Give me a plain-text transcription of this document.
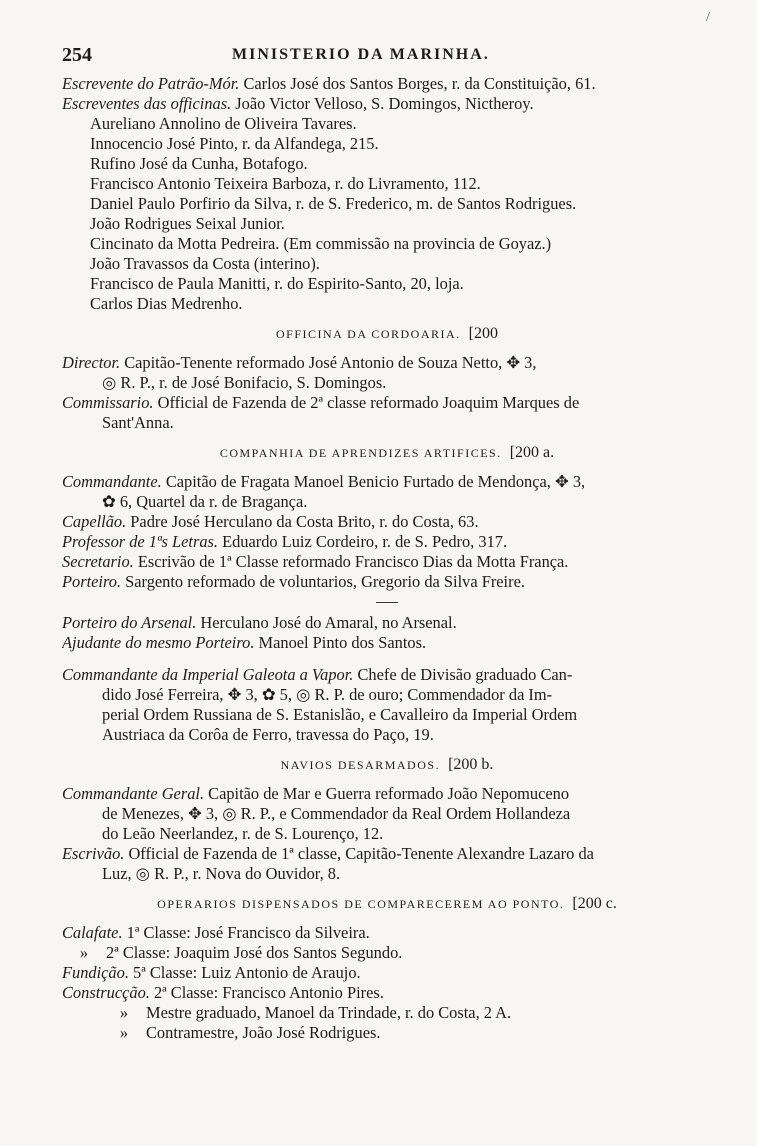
254	MINISTERIO DA MARINHA.
/
Escrevente do Patrão-Mór. Carlos José dos Santos Borges, r. da Constituição, 61.
Escreventes das officinas. João Victor Velloso, S. Domingos, Nictheroy.
Aureliano Annolino de Oliveira Tavares.
Innocencio José Pinto, r. da Alfandega, 215.
Rufino José da Cunha, Botafogo.
Francisco Antonio Teixeira Barboza, r. do Livramento, 112.
Daniel Paulo Porfirio da Silva, r. de S. Frederico, m. de Santos Rodrigues.
João Rodrigues Seixal Junior.
Cincinato da Motta Pedreira. (Em commissão na provincia de Goyaz.)
João Travassos da Costa (interino).
Francisco de Paula Manitti, r. do Espirito-Santo, 20, loja.
Carlos Dias Medrenho.
OFFICINA DA CORDOARIA. [200
Director. Capitão-Tenente reformado José Antonio de Souza Netto, ✥ 3,
◎ R. P., r. de José Bonifacio, S. Domingos.
Commissario. Official de Fazenda de 2ª classe reformado Joaquim Marques de
Sant'Anna.
COMPANHIA DE APRENDIZES ARTIFICES. [200 a.
Commandante. Capitão de Fragata Manoel Benicio Furtado de Mendonça, ✥ 3,
✿ 6, Quartel da r. de Bragança.
Capellão. Padre José Herculano da Costa Brito, r. do Costa, 63.
Professor de 1ªs Letras. Eduardo Luiz Cordeiro, r. de S. Pedro, 317.
Secretario. Escrivão de 1ª Classe reformado Francisco Dias da Motta França.
Porteiro. Sargento reformado de voluntarios, Gregorio da Silva Freire.
Porteiro do Arsenal. Herculano José do Amaral, no Arsenal.
Ajudante do mesmo Porteiro. Manoel Pinto dos Santos.
Commandante da Imperial Galeota a Vapor. Chefe de Divisão graduado Can-
dido José Ferreira, ✥ 3, ✿ 5, ◎ R. P. de ouro; Commendador da Im-
perial Ordem Russiana de S. Estanislão, e Cavalleiro da Imperial Ordem
Austriaca da Corôa de Ferro, travessa do Paço, 19.
NAVIOS DESARMADOS. [200 b.
Commandante Geral. Capitão de Mar e Guerra reformado João Nepomuceno
de Menezes, ✥ 3, ◎ R. P., e Commendador da Real Ordem Hollandeza
do Leão Neerlandez, r. de S. Lourenço, 12.
Escrivão. Official de Fazenda de 1ª classe, Capitão-Tenente Alexandre Lazaro da
Luz, ◎ R. P., r. Nova do Ouvidor, 8.
OPERARIOS DISPENSADOS DE COMPARECEREM AO PONTO. [200 c.
Calafate. 1ª Classe: José Francisco da Silveira.
» 2ª Classe: Joaquim José dos Santos Segundo.
Fundição. 5ª Classe: Luiz Antonio de Araujo.
Construcção. 2ª Classe: Francisco Antonio Pires.
» Mestre graduado, Manoel da Trindade, r. do Costa, 2 A.
» Contramestre, João José Rodrigues.
